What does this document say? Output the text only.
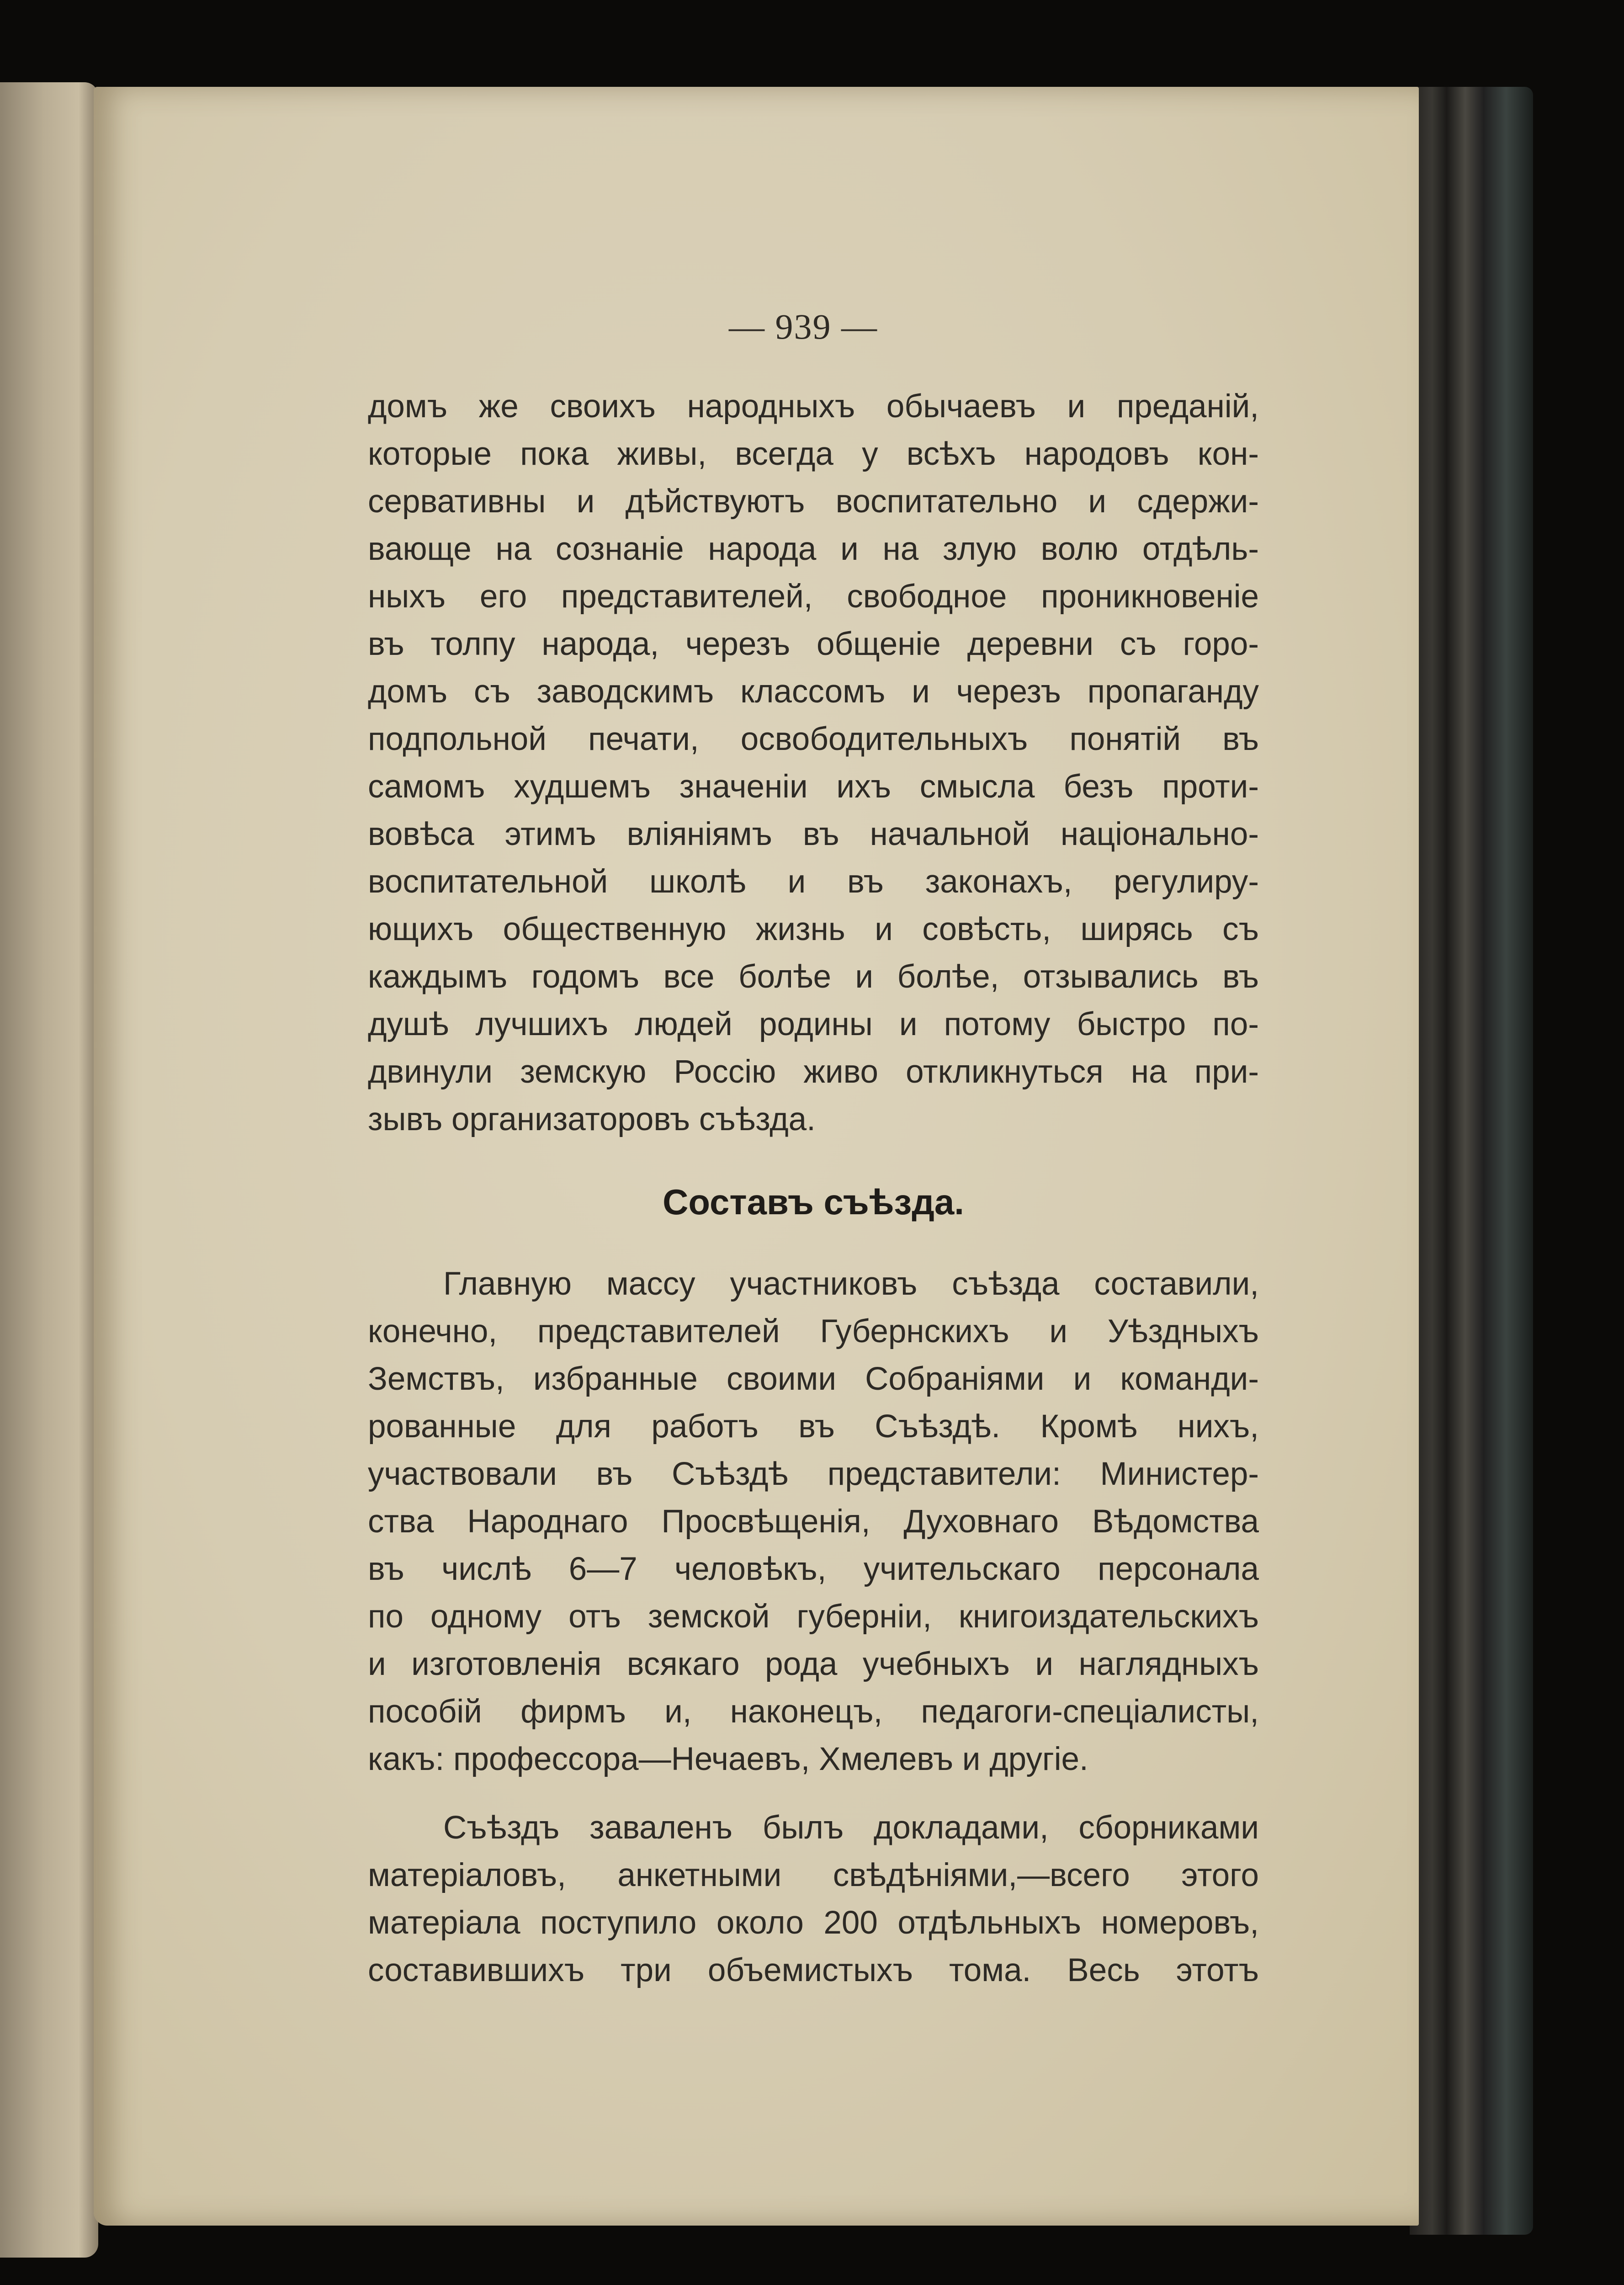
— 939 —
домъ же своихъ народныхъ обычаевъ и преданій,
которые пока живы, всегда у всѣхъ народовъ кон-
сервативны и дѣйствуютъ воспитательно и сдержи-
вающе на сознаніе народа и на злую волю отдѣль-
ныхъ его представителей, свободное проникновеніе
въ толпу народа, черезъ общеніе деревни съ горо-
домъ съ заводскимъ классомъ и черезъ пропаганду
подпольной печати, освободительныхъ понятій въ
самомъ худшемъ значеніи ихъ смысла безъ проти-
вовѣса этимъ вліяніямъ въ начальной національно-
воспитательной школѣ и въ законахъ, регулиру-
ющихъ общественную жизнь и совѣсть, ширясь съ
каждымъ годомъ все болѣе и болѣе, отзывались въ
душѣ лучшихъ людей родины и потому быстро по-
двинули земскую Россію живо откликнуться на при-
зывъ организаторовъ съѣзда.
Составъ съѣзда.
Главную массу участниковъ съѣзда составили,
конечно, представителей Губернскихъ и Уѣздныхъ
Земствъ, избранные своими Собраніями и команди-
рованные для работъ въ Съѣздѣ. Кромѣ нихъ,
участвовали въ Съѣздѣ представители: Министер-
ства Народнаго Просвѣщенія, Духовнаго Вѣдомства
въ числѣ 6—7 человѣкъ, учительскаго персонала
по одному отъ земской губерніи, книгоиздательскихъ
и изготовленія всякаго рода учебныхъ и наглядныхъ
пособій фирмъ и, наконецъ, педагоги-спеціалисты,
какъ: профессора—Нечаевъ, Хмелевъ и другіе.
Съѣздъ заваленъ былъ докладами, сборниками
матеріаловъ, анкетными свѣдѣніями,—всего этого
матеріала поступило около 200 отдѣльныхъ номеровъ,
составившихъ три объемистыхъ тома. Весь этотъ
